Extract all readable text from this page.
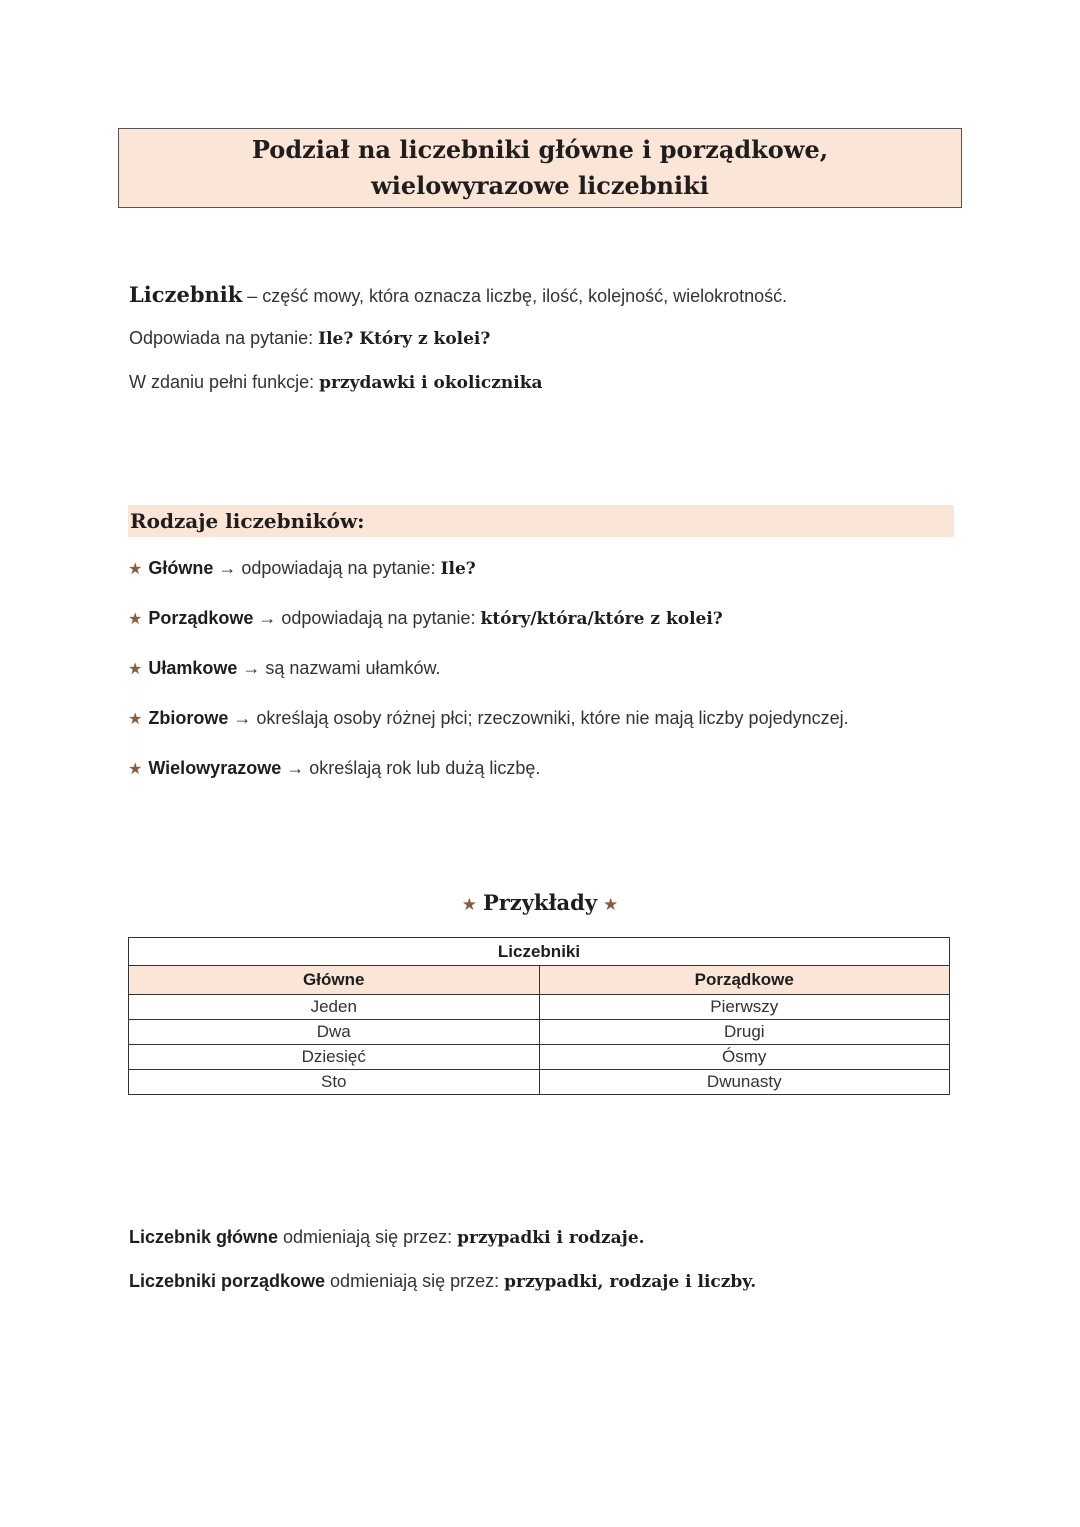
Podział na liczebniki główne i porządkowe,
wielowyrazowe liczebniki
Liczebnik – część mowy, która oznacza liczbę, ilość, kolejność, wielokrotność.
Odpowiada na pytanie: Ile? Który z kolei?
W zdaniu pełni funkcje: przydawki i okolicznika
Rodzaje liczebników:
★ Główne → odpowiadają na pytanie: Ile?
★ Porządkowe → odpowiadają na pytanie: który/która/które z kolei?
★ Ułamkowe → są nazwami ułamków.
★ Zbiorowe → określają osoby różnej płci; rzeczowniki, które nie mają liczby pojedynczej.
★ Wielowyrazowe → określają rok lub dużą liczbę.
★ Przykłady ★
Liczebniki	
Główne	Porządkowe
Jeden	Pierwszy
Dwa	Drugi
Dziesięć	Ósmy
Sto	Dwunasty
Liczebnik główne odmieniają się przez: przypadki i rodzaje.
Liczebniki porządkowe odmieniają się przez: przypadki, rodzaje i liczby.
